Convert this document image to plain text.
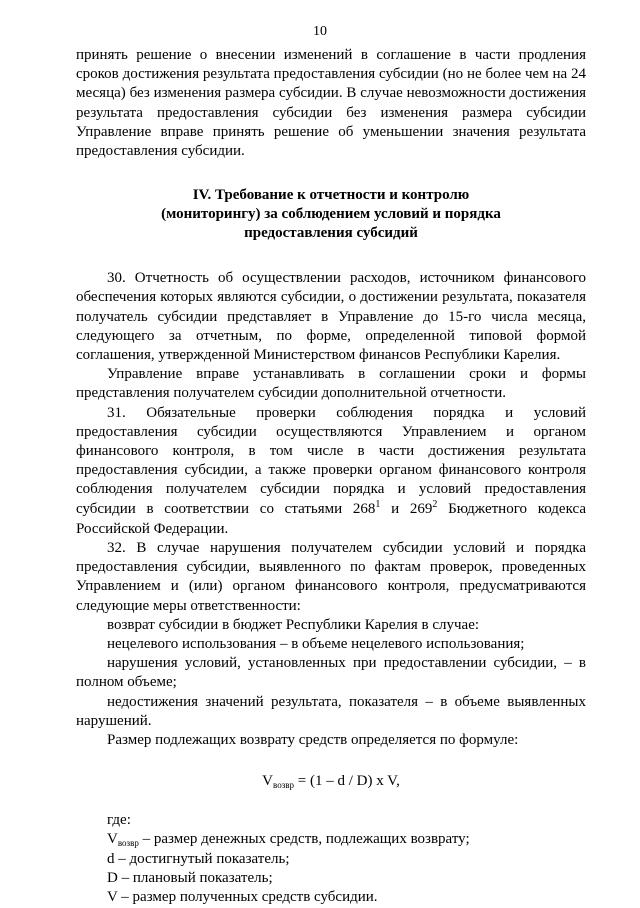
10

принять решение о внесении изменений в соглашение в части продления сроков достижения результата предоставления субсидии (но не более чем на 24 месяца) без изменения размера субсидии. В случае невозможности достижения результата предоставления субсидии без изменения размера субсидии Управление вправе принять решение об уменьшении значения результата предоставления субсидии.

IV. Требование к отчетности и контролю
(мониторингу) за соблюдением условий и порядка
предоставления субсидий

30. Отчетность об осуществлении расходов, источником финансового обеспечения которых являются субсидии, о достижении результата, показателя получатель субсидии представляет в Управление до 15-го числа месяца, следующего за отчетным, по форме, определенной типовой формой соглашения, утвержденной Министерством финансов Республики Карелия.

Управление вправе устанавливать в соглашении сроки и формы представления получателем субсидии дополнительной отчетности.

31. Обязательные проверки соблюдения порядка и условий предоставления субсидии осуществляются Управлением и органом финансового контроля, в том числе в части достижения результата предоставления субсидии, а также проверки органом финансового контроля соблюдения получателем субсидии порядка и условий предоставления субсидии в соответствии со статьями $268^1$ и $269^2$ Бюджетного кодекса Российской Федерации.

32. В случае нарушения получателем субсидии условий и порядка предоставления субсидии, выявленного по фактам проверок, проведенных Управлением и (или) органом финансового контроля, предусматриваются следующие меры ответственности:

возврат субсидии в бюджет Республики Карелия в случае:

нецелевого использования – в объеме нецелевого использования;

нарушения условий, установленных при предоставлении субсидии, – в полном объеме;

недостижения значений результата, показателя – в объеме выявленных нарушений.

Размер подлежащих возврату средств определяется по формуле:

$V_{возвр} = (1 - d / D)$ x V,

где:

$V_{возвр}$ – размер денежных средств, подлежащих возврату;

d – достигнутый показатель;

D – плановый показатель;

V – размер полученных средств субсидии.
